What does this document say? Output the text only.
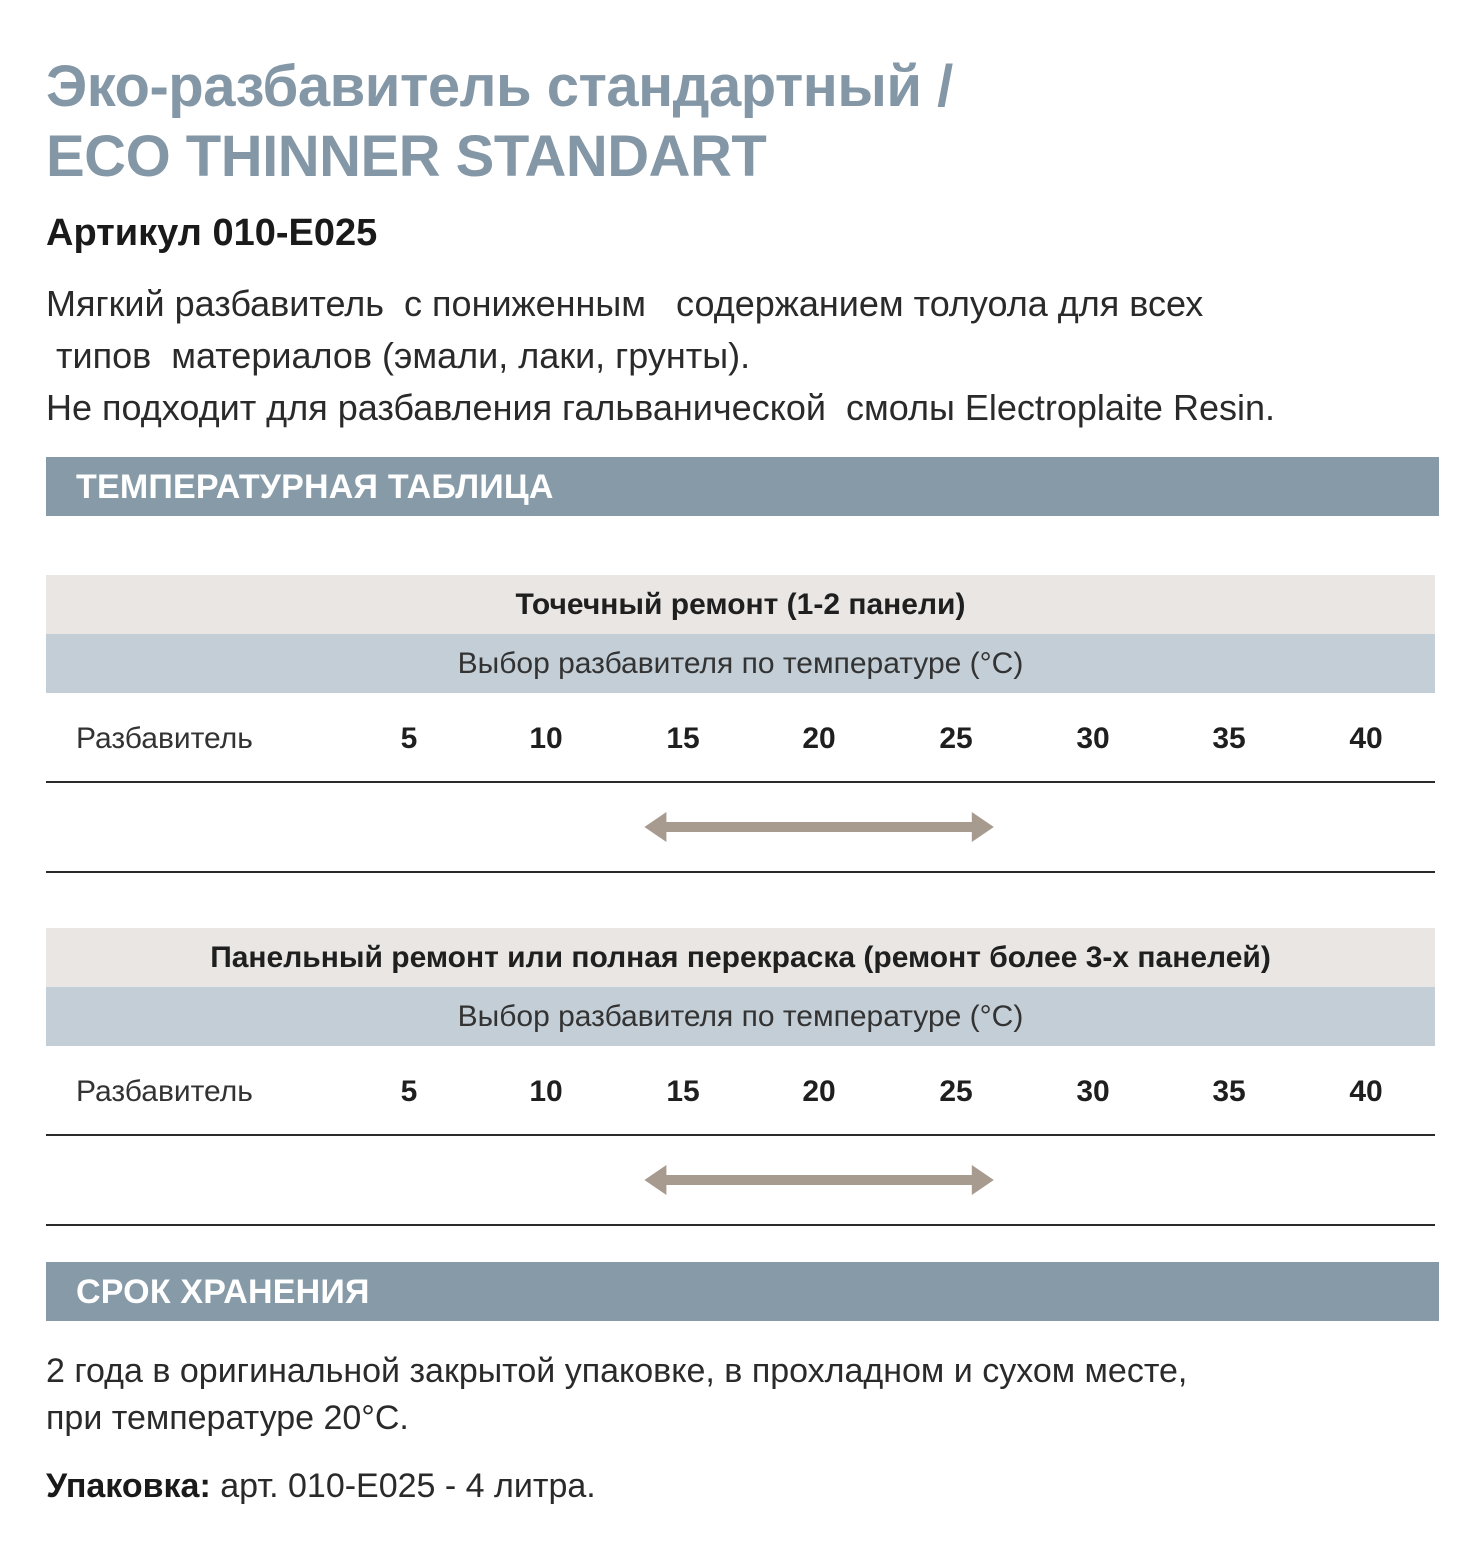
Эко-разбавитель стандартный /
ECO THINNER STANDART
Артикул 010-E025
Мягкий разбавитель  с пониженным   содержанием толуола для всех
типов  материалов (эмали, лаки, грунты).
Не подходит для разбавления гальванической  смолы Electroplaite Resin.
ТЕМПЕРАТУРНАЯ ТАБЛИЦА
Точечный ремонт (1-2 панели)
Выбор разбавителя по температуре (°C)
Разбавитель	5	10	15	20	25	30	35	40
Панельный ремонт или полная перекраска (ремонт более 3-х панелей)
Выбор разбавителя по температуре (°C)
Разбавитель	5	10	15	20	25	30	35	40
СРОК ХРАНЕНИЯ
2 года в оригинальной закрытой упаковке, в прохладном и сухом месте,
при температуре 20°C.
Упаковка: арт. 010-E025 - 4 литра.
